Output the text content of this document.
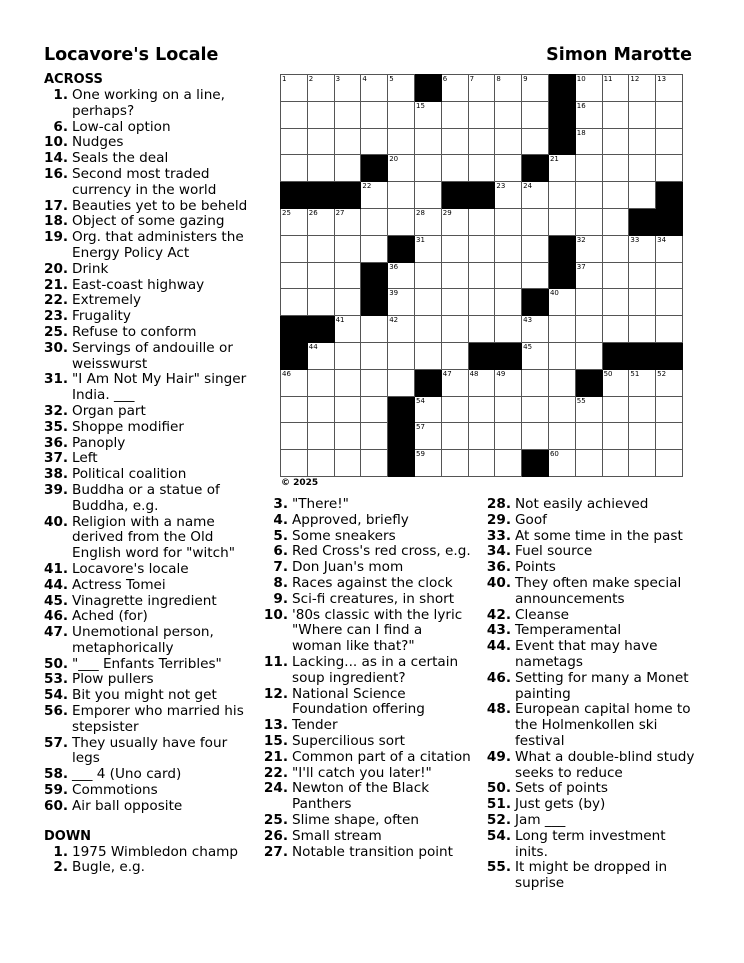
Locavore's Locale	Simon Marotte
ACROSS
1. One working on a line, perhaps?
6. Low-cal option
10. Nudges
14. Seals the deal
16. Second most traded currency in the world
17. Beauties yet to be beheld
18. Object of some gazing
19. Org. that administers the Energy Policy Act
20. Drink
21. East-coast highway
22. Extremely
23. Frugality
25. Refuse to conform
30. Servings of andouille or weisswurst
31. "I Am Not My Hair" singer India. ___
32. Organ part
35. Shoppe modifier
36. Panoply
37. Left
38. Political coalition
39. Buddha or a statue of Buddha, e.g.
40. Religion with a name derived from the Old English word for "witch"
41. Locavore's locale
44. Actress Tomei
45. Vinagrette ingredient
46. Ached (for)
47. Unemotional person, metaphorically
50. "___ Enfants Terribles"
53. Plow pullers
54. Bit you might not get
56. Emporer who married his stepsister
57. They usually have four legs
58. ___ 4 (Uno card)
59. Commotions
60. Air ball opposite
DOWN
1. 1975 Wimbledon champ
2. Bugle, e.g.
1	2	3	4	5		6	7	8	9		10	11	12	13

					15						16			

											18			

				20						21				

			22					23	24					

25	26	27			28	29								

					31						32		33	34

				36							37			

				39						40				

		41		42					43					

	44								45					

46						47	48	49				50	51	52

					54						55			

					57									

					59					60				

© 2025
3. "There!"
4. Approved, briefly
5. Some sneakers
6. Red Cross's red cross, e.g.
7. Don Juan's mom
8. Races against the clock
9. Sci-fi creatures, in short
10. '80s classic with the lyric "Where can I find a woman like that?"
11. Lacking... as in a certain soup ingredient?
12. National Science Foundation offering
13. Tender
15. Supercilious sort
21. Common part of a citation
22. "I'll catch you later!"
24. Newton of the Black Panthers
25. Slime shape, often
26. Small stream
27. Notable transition point
28. Not easily achieved
29. Goof
33. At some time in the past
34. Fuel source
36. Points
40. They often make special announcements
42. Cleanse
43. Temperamental
44. Event that may have nametags
46. Setting for many a Monet painting
48. European capital home to the Holmenkollen ski festival
49. What a double-blind study seeks to reduce
50. Sets of points
51. Just gets (by)
52. Jam ___
54. Long term investment inits.
55. It might be dropped in suprise
